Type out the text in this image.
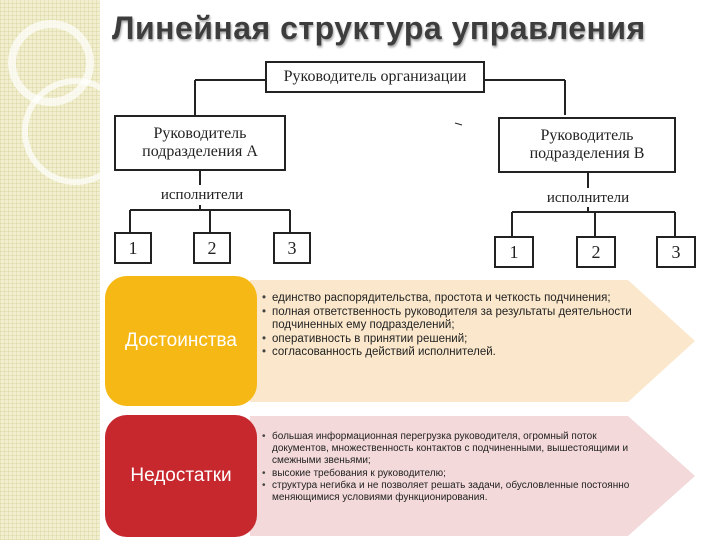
Линейная структура управления
Руководитель организации
Руководитель подразделения А
Руководитель подразделения В
исполнители	исполнители
1	2	3	1	2	3
Достоинства
• единство распорядительства, простота и четкость подчинения;
• полная ответственность руководителя за результаты деятельности подчиненных ему подразделений;
• оперативность в принятии решений;
• согласованность действий исполнителей.
Недостатки
• большая информационная перегрузка руководителя, огромный поток документов, множественность контактов с подчиненными, вышестоящими и смежными звеньями;
• высокие требования к руководителю;
• структура негибка и не позволяет решать задачи, обусловленные постоянно меняющимися условиями функционирования.
